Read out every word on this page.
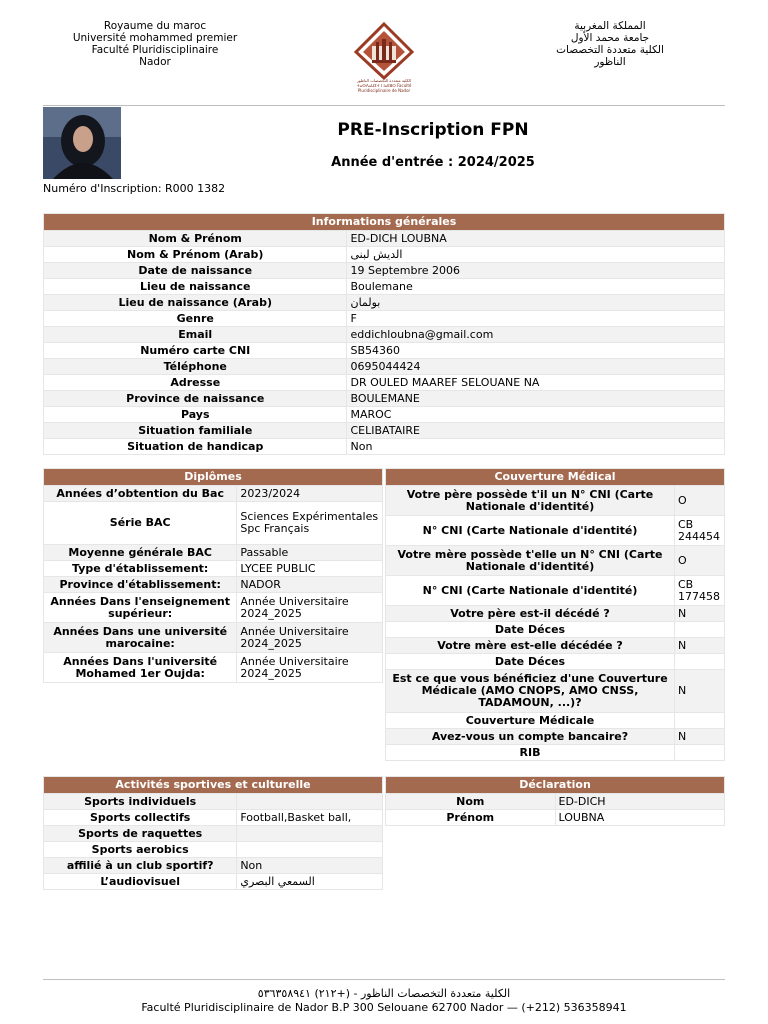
Royaume du maroc
Université mohammed premier
Faculté Pluridisciplinaire
Nador
الكلية متعددة التخصصات الناظور ⵜⴰⵙⴷⴰⵡⵉⵜ ⵏ ⵏⴰⴹⵓⵔ Faculté Pluridisciplinaire de Nador
المملكة المغربية
جامعة محمد الأول
الكلية متعددة التخصصات
الناظور
PRE-Inscription FPN
Année d'entrée : 2024/2025
Numéro d'Inscription: R000 1382
Informations générales	
Nom & Prénom	ED-DICH LOUBNA
Nom & Prénom (Arab)	الديش لبنى
Date de naissance	19 Septembre 2006
Lieu de naissance	Boulemane
Lieu de naissance (Arab)	بولمان
Genre	F
Email	eddichloubna@gmail.com
Numéro carte CNI	SB54360
Téléphone	0695044424
Adresse	DR OULED MAAREF SELOUANE NA
Province de naissance	BOULEMANE
Pays	MAROC
Situation familiale	CELIBATAIRE
Situation de handicap	Non
Diplômes	
Années d’obtention du Bac	2023/2024
Série BAC	Sciences Expérimentales Spc Français
Moyenne générale BAC	Passable
Type d'établissement:	LYCEE PUBLIC
Province d'établissement:	NADOR
Années Dans l'enseignement supérieur:	Année Universitaire 2024_2025
Années Dans une université marocaine:	Année Universitaire 2024_2025
Années Dans l'université Mohamed 1er Oujda:	Année Universitaire 2024_2025
Couverture Médical	
Votre père possède t'il un N° CNI (Carte Nationale d'identité)	O
N° CNI (Carte Nationale d'identité)	CB 244454
Votre mère possède t'elle un N° CNI (Carte Nationale d'identité)	O
N° CNI (Carte Nationale d'identité)	CB 177458
Votre père est-il décédé ?	N
Date Déces	
Votre mère est-elle décédée ?	N
Date Déces	
Est ce que vous bénéficiez d'une Couverture Médicale (AMO CNOPS, AMO CNSS, TADAMOUN, ...)?	N
Couverture Médicale	
Avez-vous un compte bancaire?	N
RIB	
Activités sportives et culturelle	
Sports individuels	
Sports collectifs	Football,Basket ball,
Sports de raquettes	
Sports aerobics	
affilié à un club sportif?	Non
L’audiovisuel	السمعي البصري
Déclaration	
Nom	ED-DICH
Prénom	LOUBNA
الكلية متعددة التخصصات الناظور - (+٢١٢) ٥٣٦٣٥٨٩٤١
Faculté Pluridisciplinaire de Nador B.P 300 Selouane 62700 Nador — (+212) 536358941
